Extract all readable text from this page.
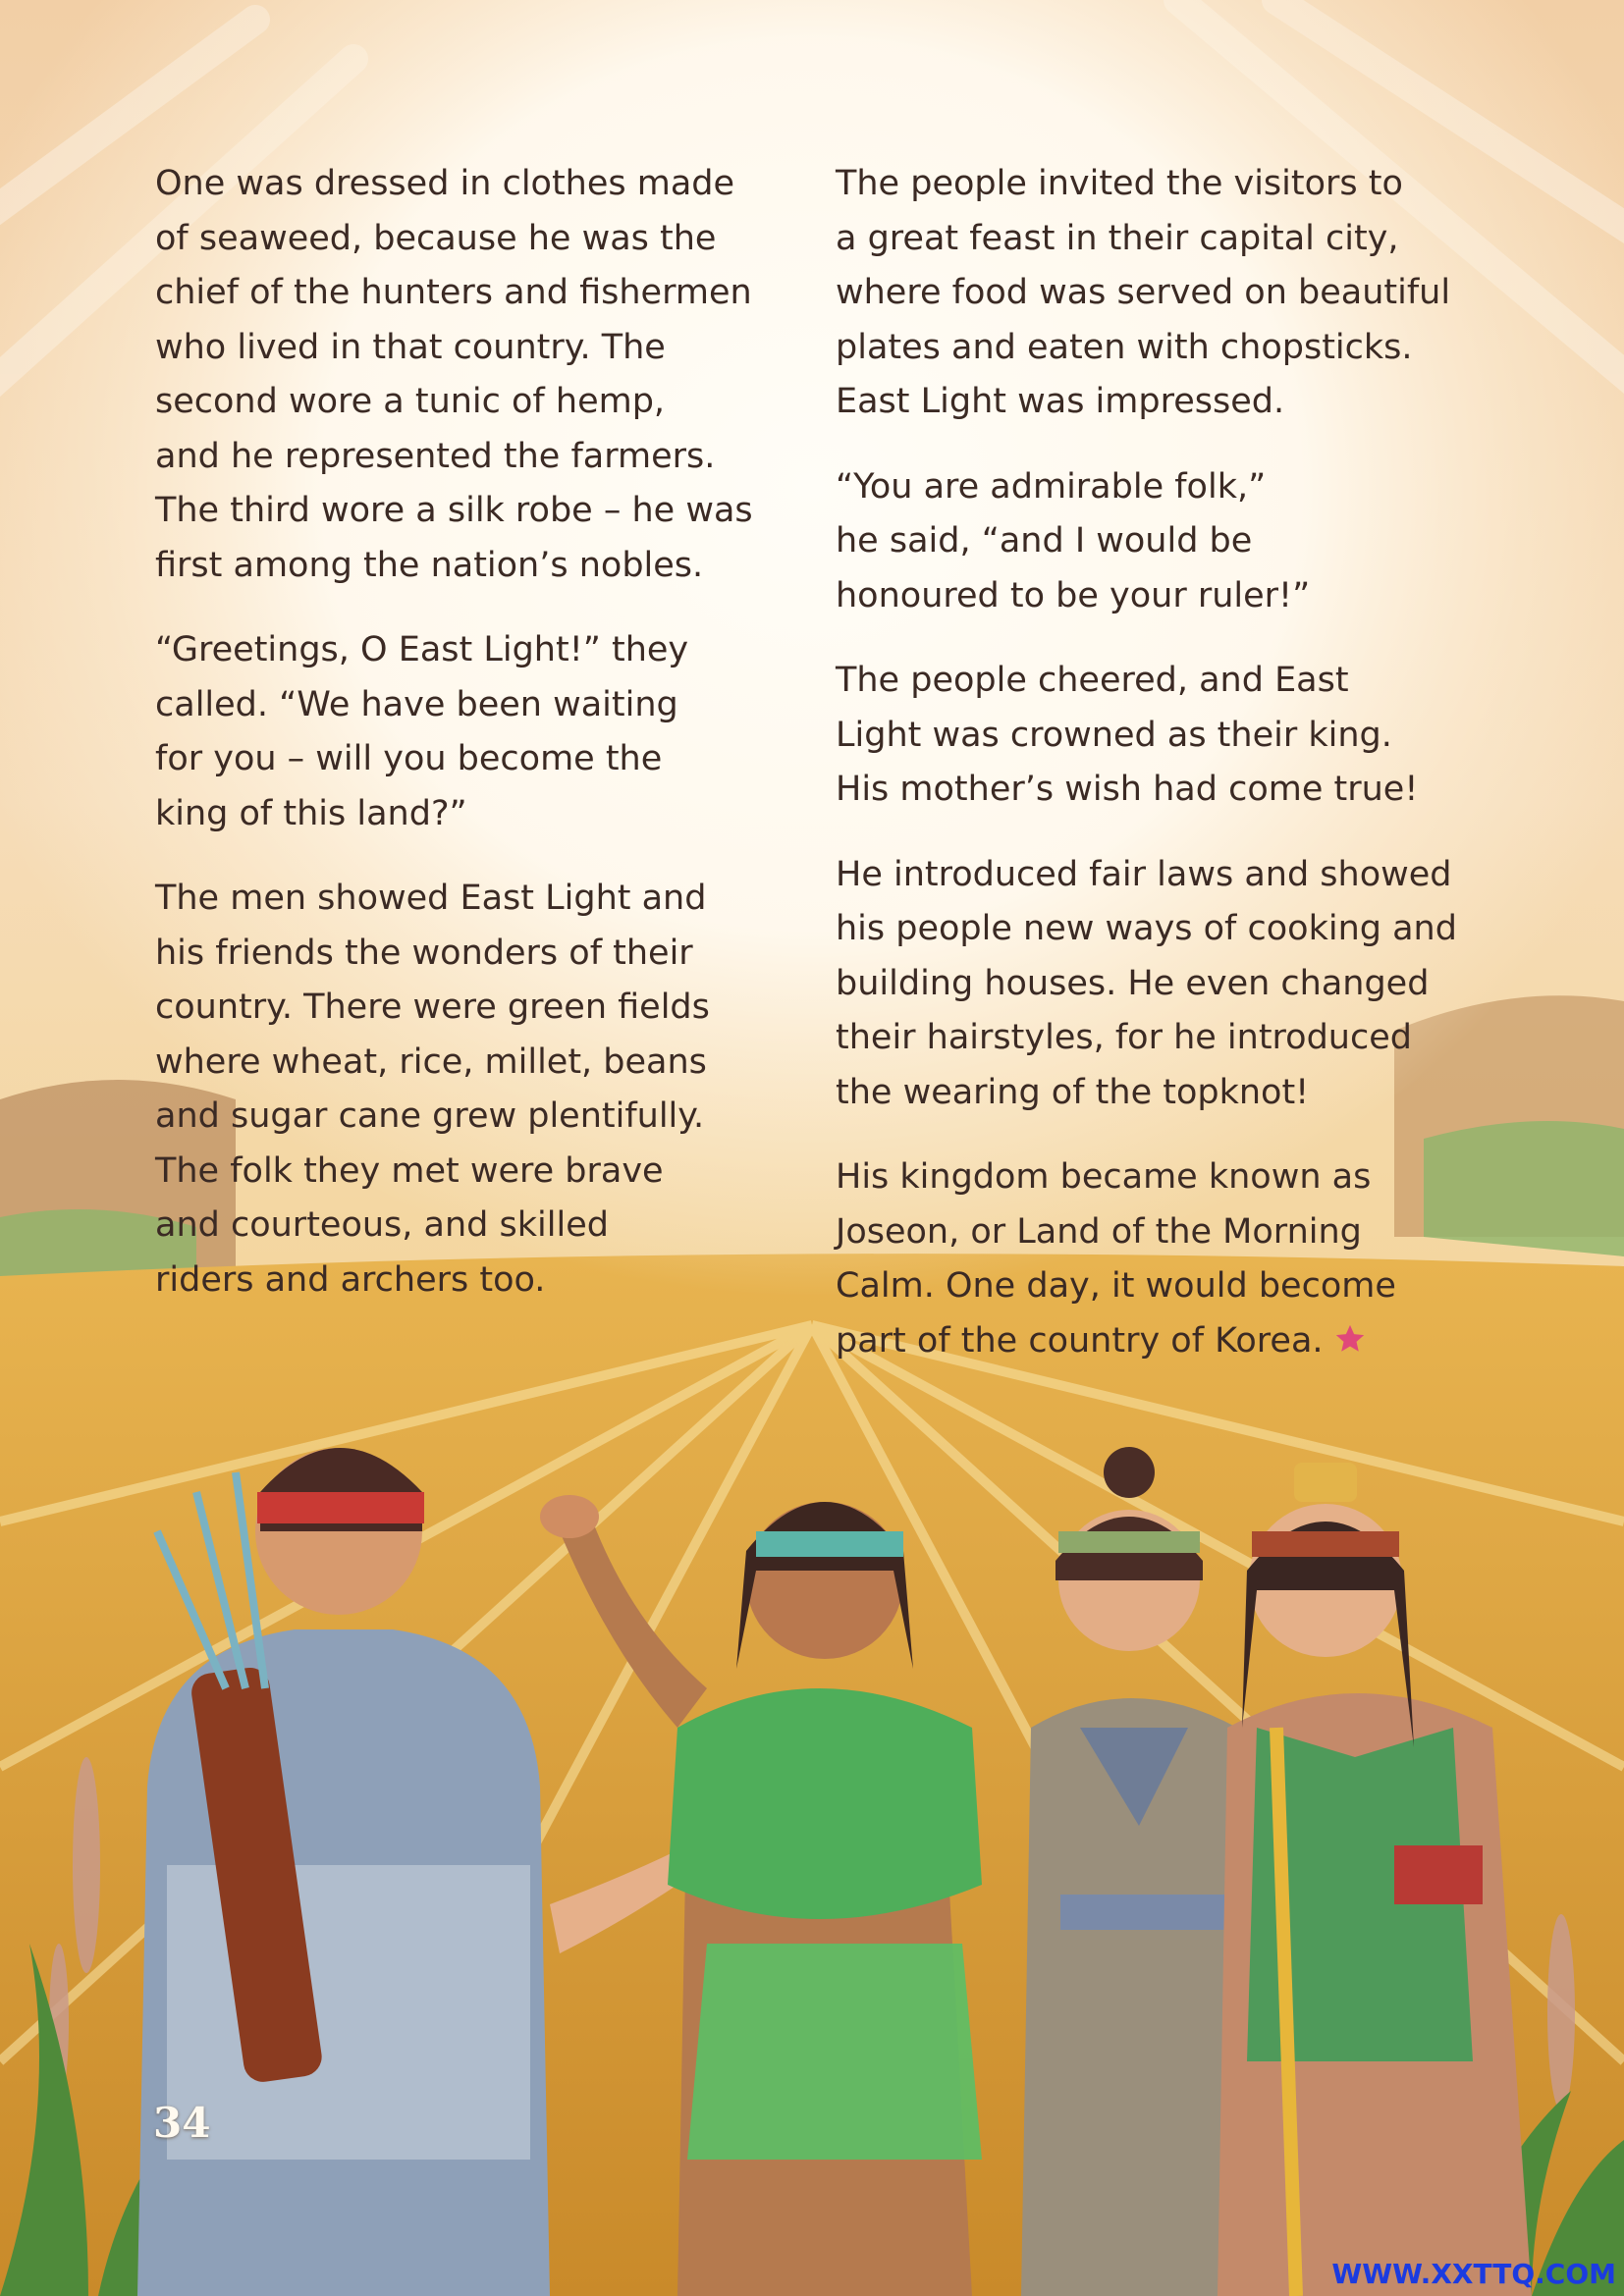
One was dressed in clothes made
of seaweed, because he was the
chief of the hunters and fishermen
who lived in that country. The
second wore a tunic of hemp,
and he represented the farmers.
The third wore a silk robe – he was
first among the nation’s nobles.

“Greetings, O East Light!” they
called. “We have been waiting
for you – will you become the
king of this land?”

The men showed East Light and
his friends the wonders of their
country. There were green fields
where wheat, rice, millet, beans
and sugar cane grew plentifully.
The folk they met were brave
and courteous, and skilled
riders and archers too.

The people invited the visitors to
a great feast in their capital city,
where food was served on beautiful
plates and eaten with chopsticks.
East Light was impressed.

“You are admirable folk,”
he said, “and I would be
honoured to be your ruler!”

The people cheered, and East
Light was crowned as their king.
His mother’s wish had come true!

He introduced fair laws and showed
his people new ways of cooking and
building houses. He even changed
their hairstyles, for he introduced
the wearing of the topknot!

His kingdom became known as
Joseon, or Land of the Morning
Calm. One day, it would become
part of the country of Korea.

34
WWW.XXTTQ.COM
